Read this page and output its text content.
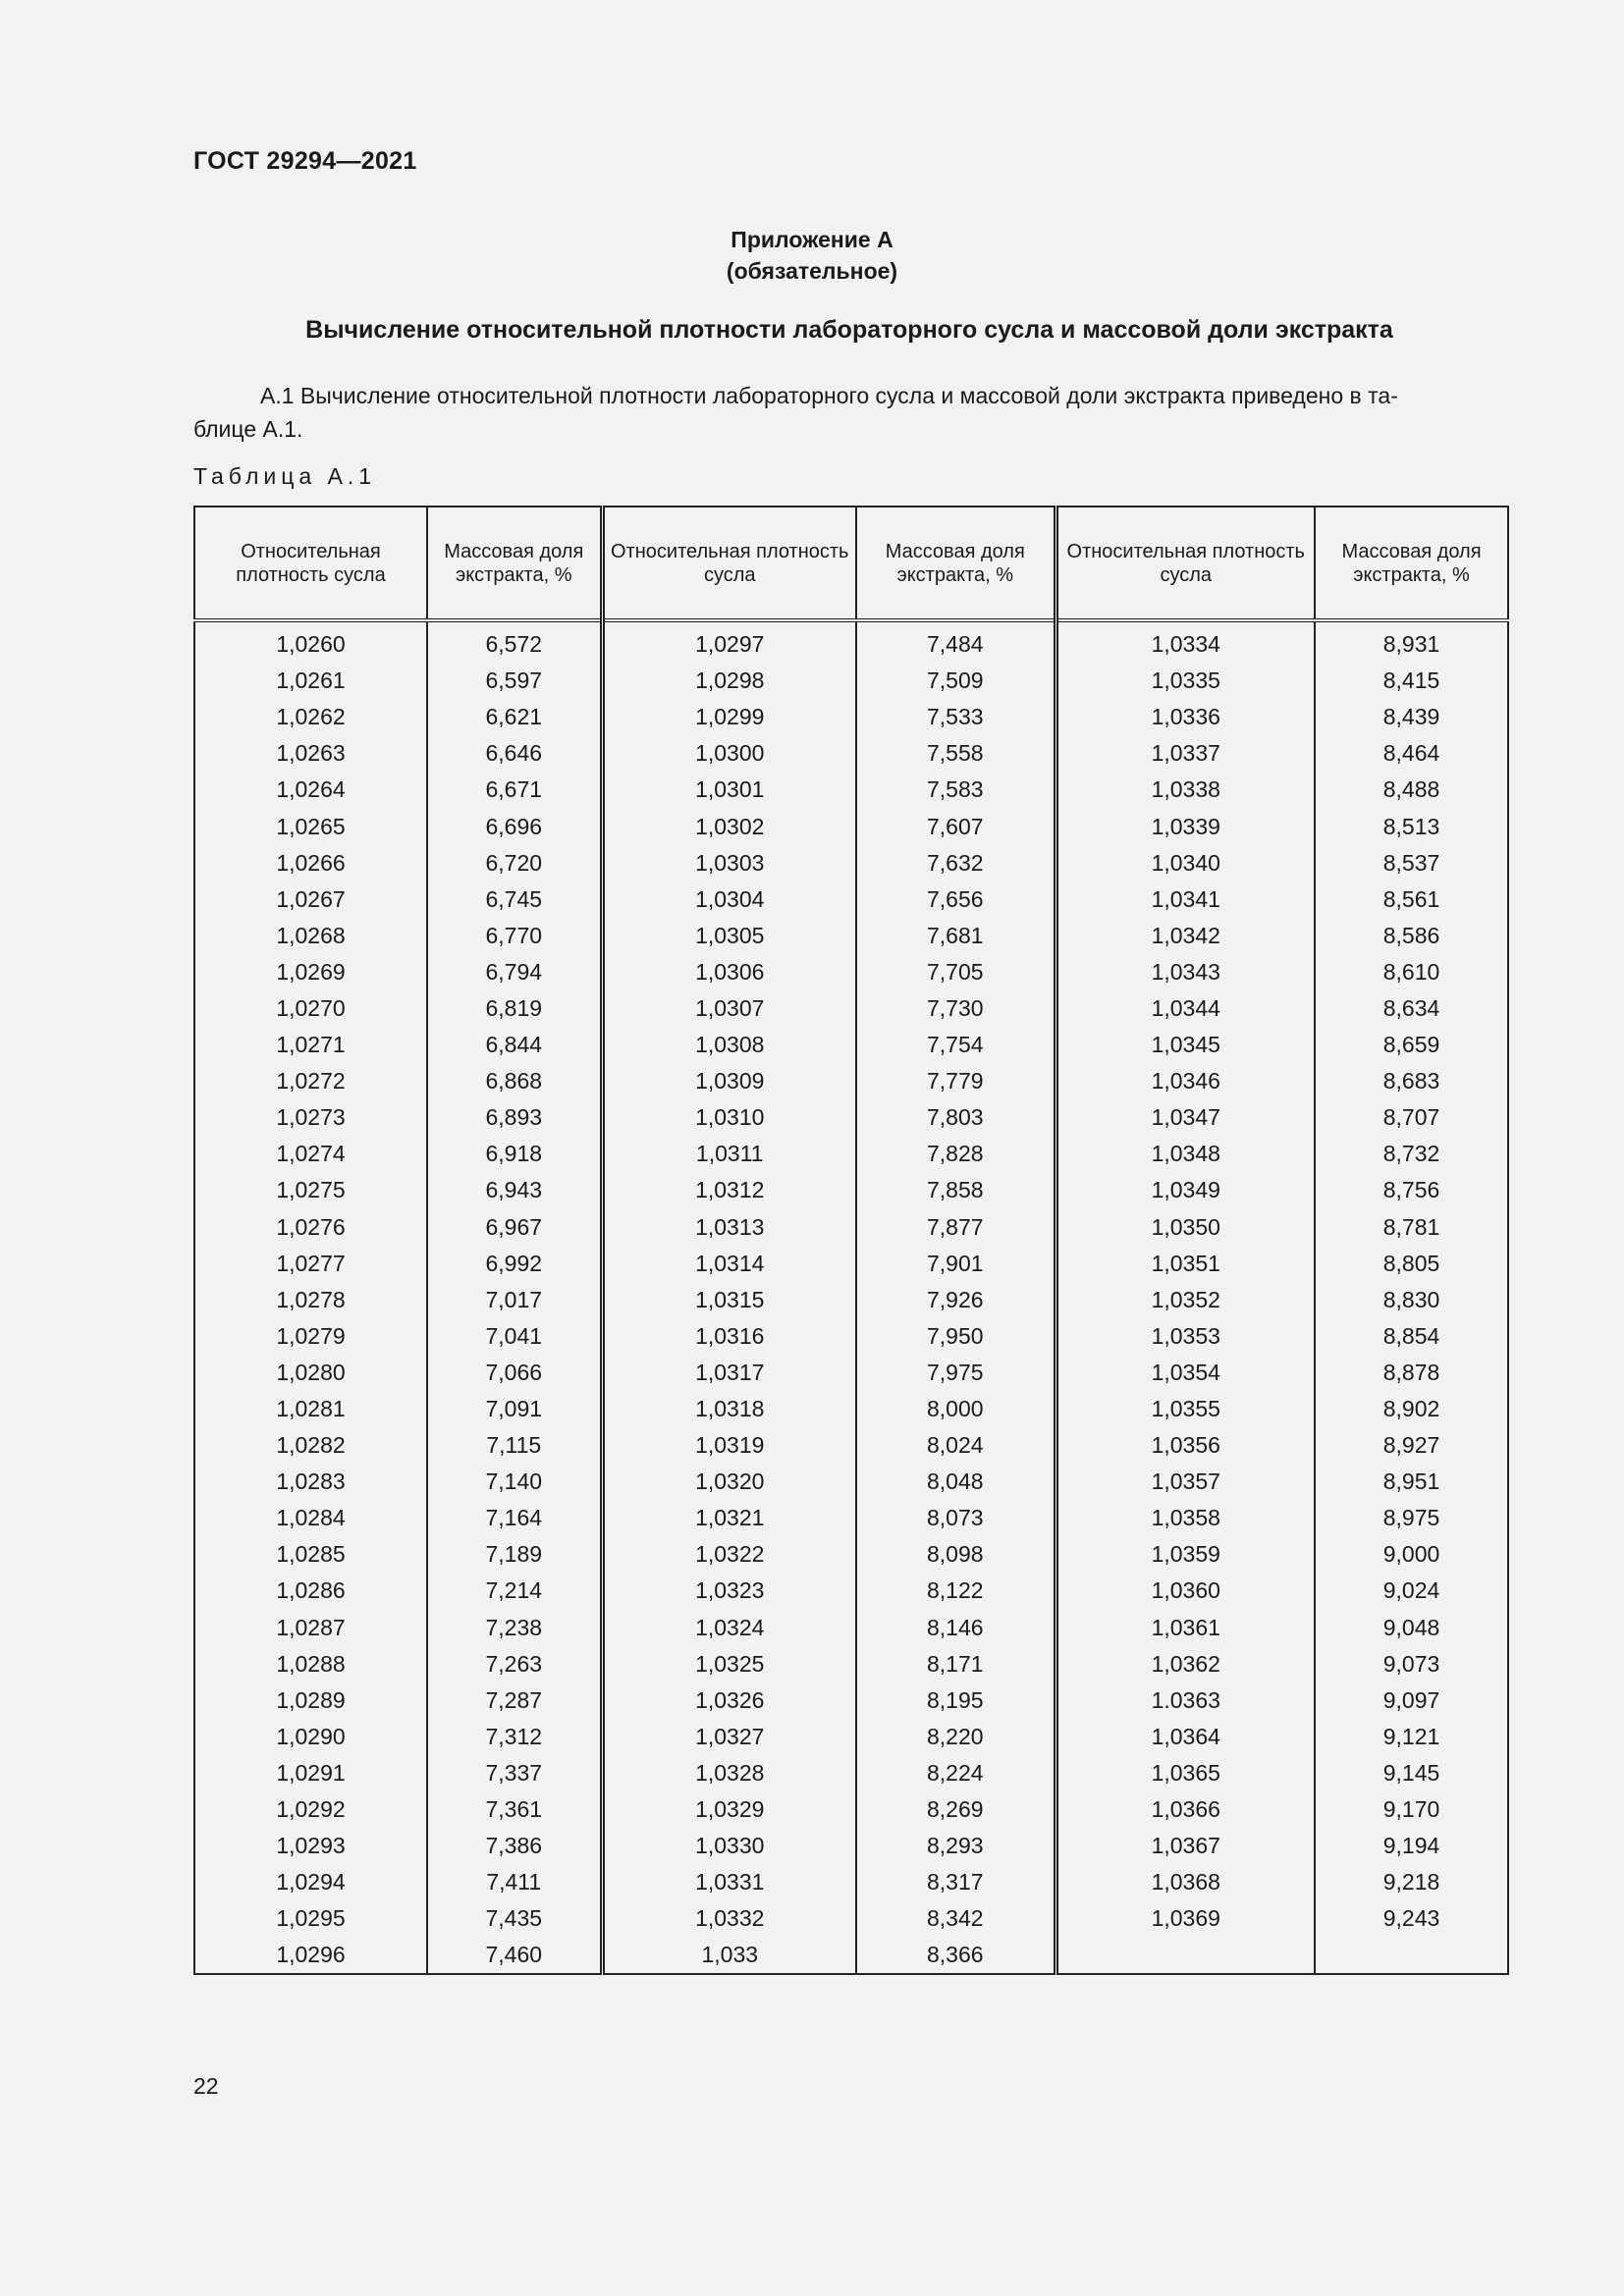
ГОСТ 29294—2021
Приложение А
(обязательное)
Вычисление относительной плотности лабораторного сусла и массовой доли экстракта

А.1 Вычисление относительной плотности лабораторного сусла и массовой доли экстракта приведено в та-
блице А.1.

Таблица А.1
Относительная плотность сусла	Массовая доля экстракта, %	Относительная плотность сусла	Массовая доля экстракта, %	Относительная плотность сусла	Массовая доля экстракта, %
1,0260	6,572	1,0297	7,484	1,0334	8,931
1,0261	6,597	1,0298	7,509	1,0335	8,415
1,0262	6,621	1,0299	7,533	1,0336	8,439
1,0263	6,646	1,0300	7,558	1,0337	8,464
1,0264	6,671	1,0301	7,583	1,0338	8,488
1,0265	6,696	1,0302	7,607	1,0339	8,513
1,0266	6,720	1,0303	7,632	1,0340	8,537
1,0267	6,745	1,0304	7,656	1,0341	8,561
1,0268	6,770	1,0305	7,681	1,0342	8,586
1,0269	6,794	1,0306	7,705	1,0343	8,610
1,0270	6,819	1,0307	7,730	1,0344	8,634
1,0271	6,844	1,0308	7,754	1,0345	8,659
1,0272	6,868	1,0309	7,779	1,0346	8,683
1,0273	6,893	1,0310	7,803	1,0347	8,707
1,0274	6,918	1,0311	7,828	1,0348	8,732
1,0275	6,943	1,0312	7,858	1,0349	8,756
1,0276	6,967	1,0313	7,877	1,0350	8,781
1,0277	6,992	1,0314	7,901	1,0351	8,805
1,0278	7,017	1,0315	7,926	1,0352	8,830
1,0279	7,041	1,0316	7,950	1,0353	8,854
1,0280	7,066	1,0317	7,975	1,0354	8,878
1,0281	7,091	1,0318	8,000	1,0355	8,902
1,0282	7,115	1,0319	8,024	1,0356	8,927
1,0283	7,140	1,0320	8,048	1,0357	8,951
1,0284	7,164	1,0321	8,073	1,0358	8,975
1,0285	7,189	1,0322	8,098	1,0359	9,000
1,0286	7,214	1,0323	8,122	1,0360	9,024
1,0287	7,238	1,0324	8,146	1,0361	9,048
1,0288	7,263	1,0325	8,171	1,0362	9,073
1,0289	7,287	1,0326	8,195	1.0363	9,097
1,0290	7,312	1,0327	8,220	1,0364	9,121
1,0291	7,337	1,0328	8,224	1,0365	9,145
1,0292	7,361	1,0329	8,269	1,0366	9,170
1,0293	7,386	1,0330	8,293	1,0367	9,194
1,0294	7,411	1,0331	8,317	1,0368	9,218
1,0295	7,435	1,0332	8,342	1,0369	9,243
1,0296	7,460	1,033	8,366		
22
